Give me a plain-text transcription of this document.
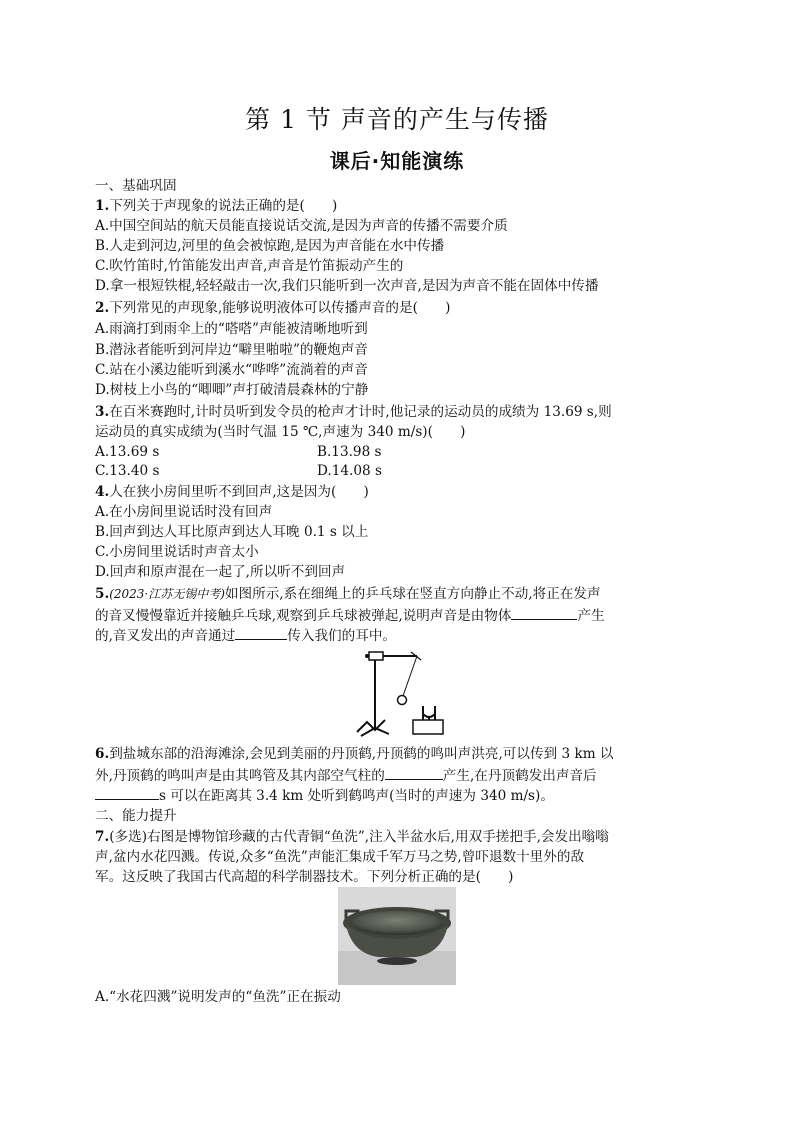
第 1 节 声音的产生与传播
课后·知能演练
一、基础巩固
1.下列关于声现象的说法正确的是(　　)
A.中国空间站的航天员能直接说话交流,是因为声音的传播不需要介质
B.人走到河边,河里的鱼会被惊跑,是因为声音能在水中传播
C.吹竹笛时,竹笛能发出声音,声音是竹笛振动产生的
D.拿一根短铁棍,轻轻敲击一次,我们只能听到一次声音,是因为声音不能在固体中传播
2.下列常见的声现象,能够说明液体可以传播声音的是(　　)
A.雨滴打到雨伞上的“嗒嗒”声能被清晰地听到
B.潜泳者能听到河岸边“噼里啪啦”的鞭炮声音
C.站在小溪边能听到溪水“哗哗”流淌着的声音
D.树枝上小鸟的“唧唧”声打破清晨森林的宁静
3.在百米赛跑时,计时员听到发令员的枪声才计时,他记录的运动员的成绩为 13.69 s,则
运动员的真实成绩为(当时气温 15 ℃,声速为 340 m/s)(　　)
A.13.69 s	B.13.98 s
C.13.40 s	D.14.08 s
4.人在狭小房间里听不到回声,这是因为(　　)
A.在小房间里说话时没有回声
B.回声到达人耳比原声到达人耳晚 0.1 s 以上
C.小房间里说话时声音太小
D.回声和原声混在一起了,所以听不到回声
5.(2023·江苏无锡中考)如图所示,系在细绳上的乒乓球在竖直方向静止不动,将正在发声
的音叉慢慢靠近并接触乒乓球,观察到乒乓球被弹起,说明声音是由物体	产生
的,音叉发出的声音通过	传入我们的耳中。
6.到盐城东部的沿海滩涂,会见到美丽的丹顶鹤,丹顶鹤的鸣叫声洪亮,可以传到 3 km 以
外,丹顶鹤的鸣叫声是由其鸣管及其内部空气柱的	产生,在丹顶鹤发出声音后
s 可以在距离其 3.4 km 处听到鹤鸣声(当时的声速为 340 m/s)。
二、能力提升
7.(多选)右图是博物馆珍藏的古代青铜“鱼洗”,注入半盆水后,用双手搓把手,会发出嗡嗡
声,盆内水花四溅。传说,众多“鱼洗”声能汇集成千军万马之势,曾吓退数十里外的敌
军。这反映了我国古代高超的科学制器技术。下列分析正确的是(　　)
A.“水花四溅”说明发声的“鱼洗”正在振动
